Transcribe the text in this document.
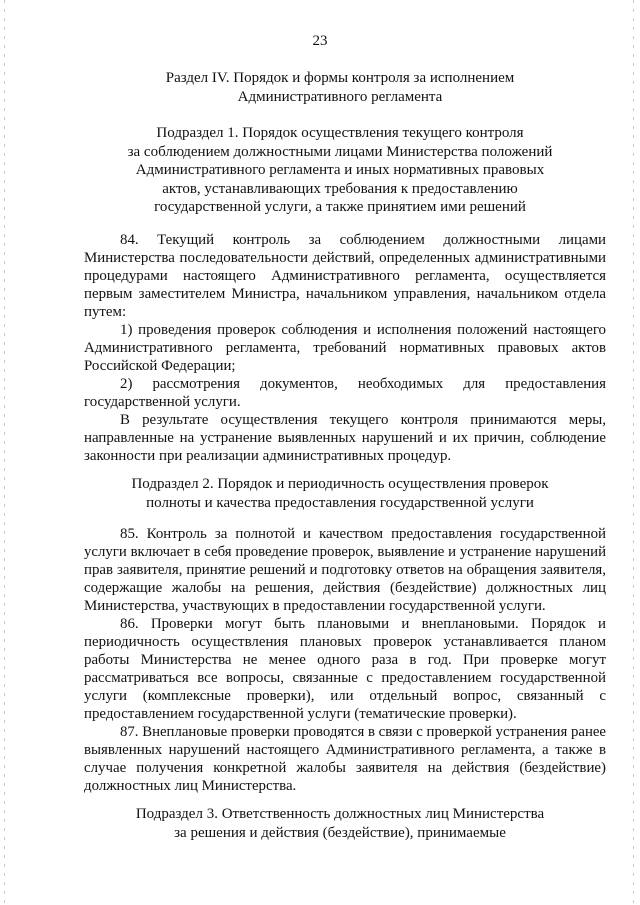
23
Раздел IV. Порядок и формы контроля за исполнением
Административного регламента
Подраздел 1. Порядок осуществления текущего контроля
за соблюдением должностными лицами Министерства положений
Административного регламента и иных нормативных правовых
актов, устанавливающих требования к предоставлению
государственной услуги, а также принятием ими решений

84. Текущий контроль за соблюдением должностными лицами

Министерства последовательности действий, определенных административными

процедурами настоящего Административного регламента, осуществляется

первым заместителем Министра, начальником управления, начальником отдела

путем:

1) проведения проверок соблюдения и исполнения положений настоящего

Административного регламента, требований нормативных правовых актов

Российской Федерации;

2) рассмотрения документов, необходимых для предоставления

государственной услуги.

В результате осуществления текущего контроля принимаются меры,

направленные на устранение выявленных нарушений и их причин, соблюдение

законности при реализации административных процедур.

Подраздел 2. Порядок и периодичность осуществления проверок
полноты и качества предоставления государственной услуги

85. Контроль за полнотой и качеством предоставления государственной

услуги включает в себя проведение проверок, выявление и устранение нарушений

прав заявителя, принятие решений и подготовку ответов на обращения заявителя,

содержащие жалобы на решения, действия (бездействие) должностных лиц

Министерства, участвующих в предоставлении государственной услуги.

86. Проверки могут быть плановыми и внеплановыми. Порядок и

периодичность осуществления плановых проверок устанавливается планом

работы Министерства не менее одного раза в год. При проверке могут

рассматриваться все вопросы, связанные с предоставлением государственной

услуги (комплексные проверки), или отдельный вопрос, связанный с

предоставлением государственной услуги (тематические проверки).

87. Внеплановые проверки проводятся в связи с проверкой устранения ранее

выявленных нарушений настоящего Административного регламента, а также в

случае получения конкретной жалобы заявителя на действия (бездействие)

должностных лиц Министерства.

Подраздел 3. Ответственность должностных лиц Министерства
за решения и действия (бездействие), принимаемые
